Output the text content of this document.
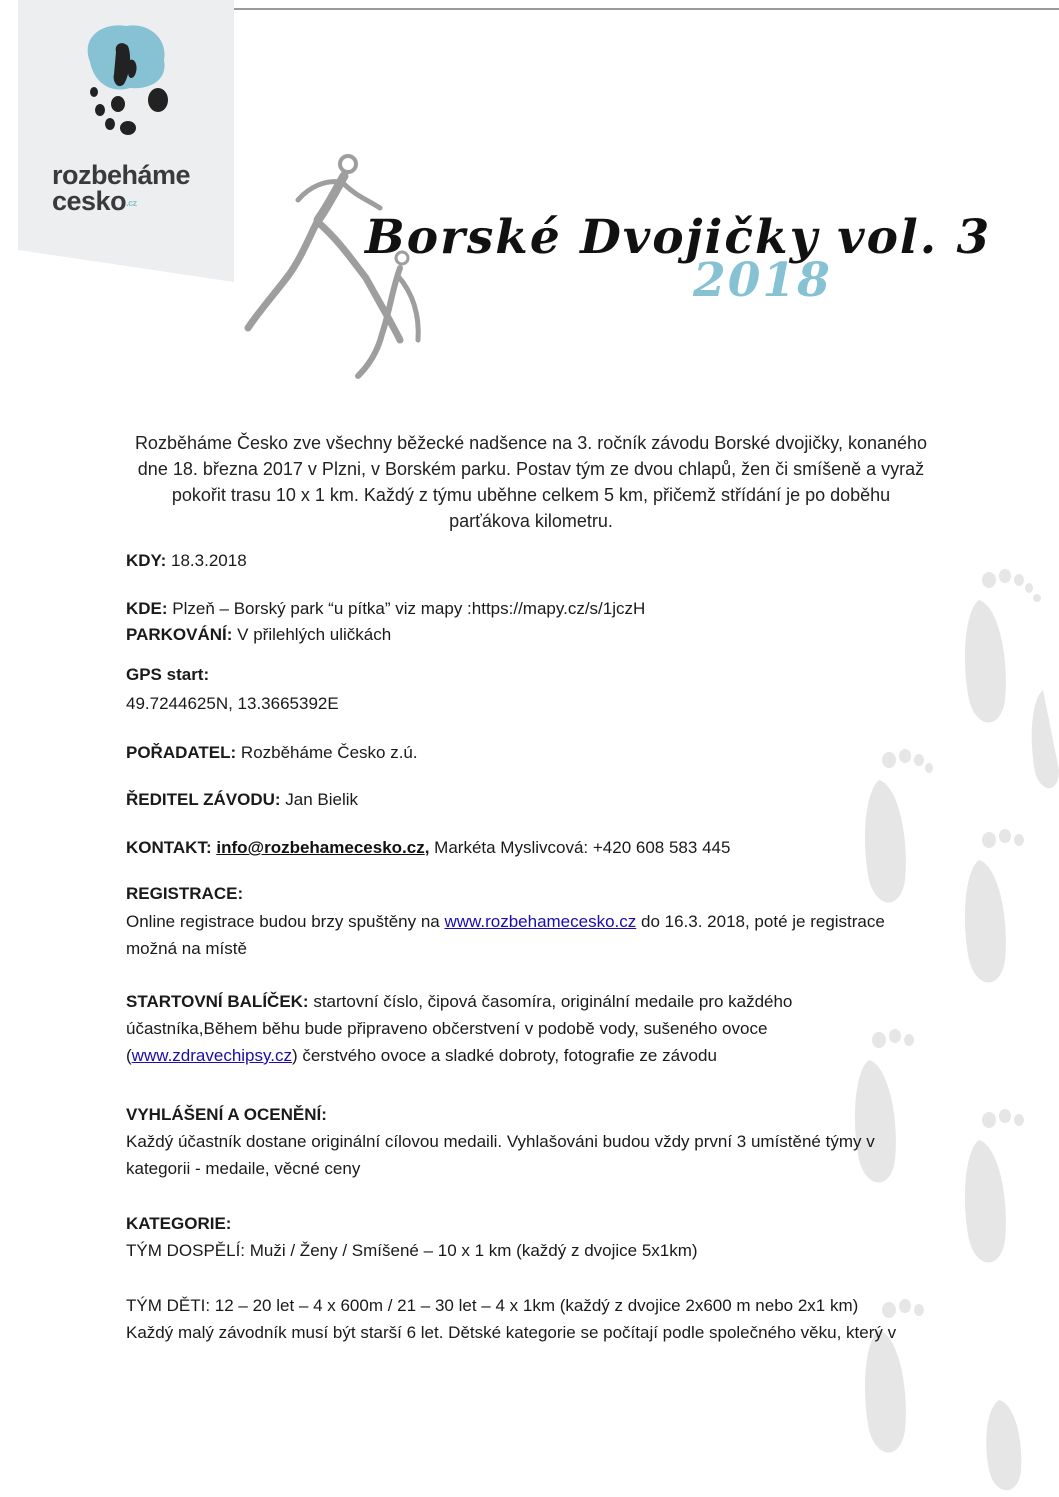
rozbeháme
cesko.cz
Borské Dvojičky vol. 3
2018
Rozběháme Česko zve všechny běžecké nadšence na 3. ročník závodu Borské dvojičky, konaného dne 18. března 2017 v Plzni, v Borském parku. Postav tým ze dvou chlapů, žen či smíšeně a vyraž pokořit trasu 10 x 1 km. Každý z týmu uběhne celkem 5 km, přičemž střídání je po doběhu parťákova kilometru.
KDY: 18.3.2018
KDE: Plzeň – Borský park “u pítka” viz mapy :https://mapy.cz/s/1jczH
PARKOVÁNÍ: V přilehlých uličkách
GPS start:
49.7244625N, 13.3665392E
POŘADATEL: Rozběháme Česko z.ú.
ŘEDITEL ZÁVODU: Jan Bielik
KONTAKT: info@rozbehamecesko.cz, Markéta Myslivcová: +420 608 583 445
REGISTRACE:
Online registrace budou brzy spuštěny na www.rozbehamecesko.cz do 16.3. 2018, poté je registrace možná na místě
STARTOVNÍ BALÍČEK: startovní číslo, čipová časomíra, originální medaile pro každého účastníka,Během běhu bude připraveno občerstvení v podobě vody, sušeného ovoce (www.zdravechipsy.cz) čerstvého ovoce a sladké dobroty, fotografie ze závodu
VYHLÁŠENÍ A OCENĚNÍ:
Každý účastník dostane originální cílovou medaili. Vyhlašováni budou vždy první 3 umístěné týmy v kategorii - medaile, věcné ceny
KATEGORIE:
TÝM DOSPĚLÍ: Muži / Ženy / Smíšené – 10 x 1 km (každý z dvojice 5x1km)
TÝM DĚTI: 12 – 20 let – 4 x 600m / 21 – 30 let – 4 x 1km (každý z dvojice 2x600 m nebo 2x1 km)
Každý malý závodník musí být starší 6 let. Dětské kategorie se počítají podle společného věku, který v
